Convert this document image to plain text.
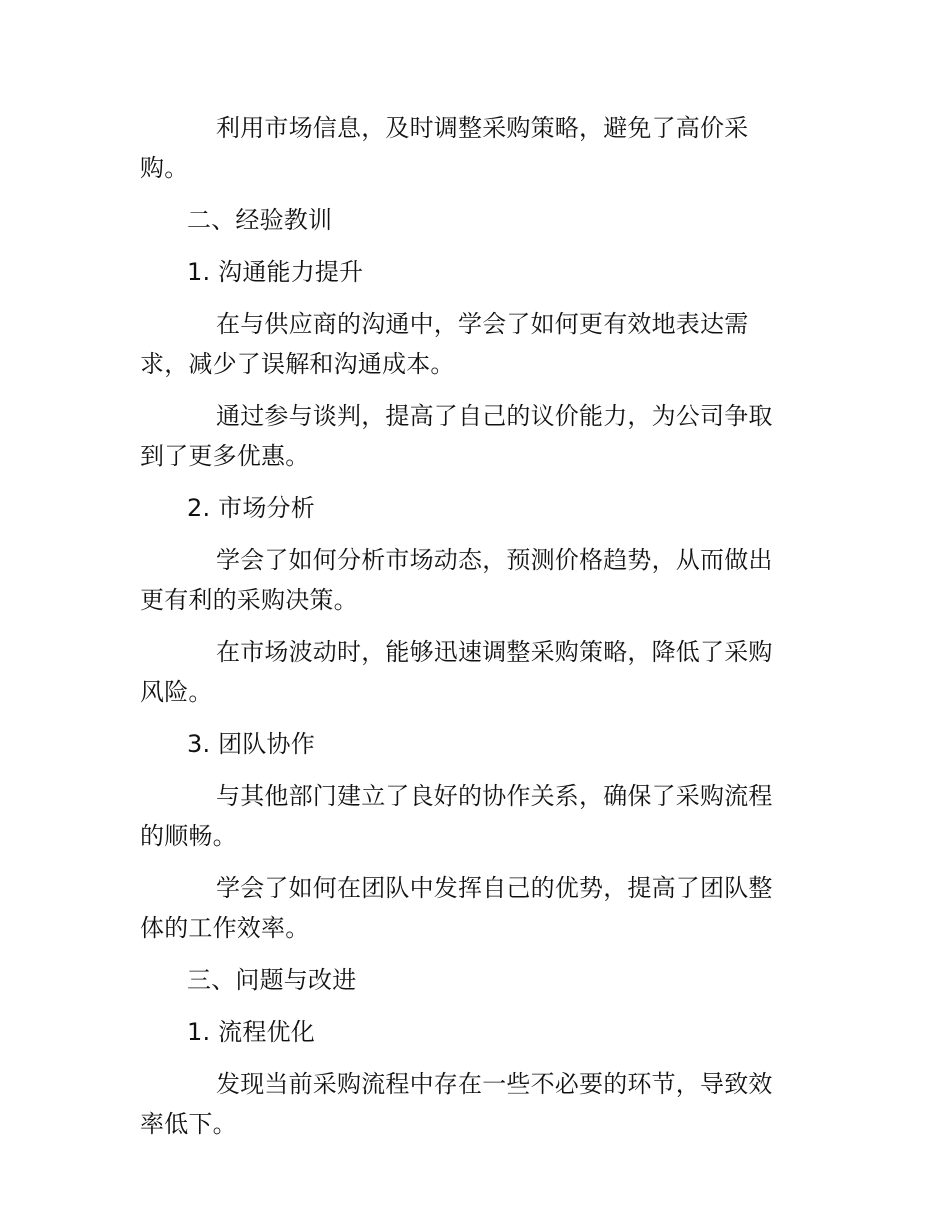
利用市场信息，及时调整采购策略，避免了高价采购。

二、经验教训
1. 沟通能力提升

在与供应商的沟通中，学会了如何更有效地表达需求，减少了误解和沟通成本。

通过参与谈判，提高了自己的议价能力，为公司争取到了更多优惠。

2. 市场分析

学会了如何分析市场动态，预测价格趋势，从而做出更有利的采购决策。

在市场波动时，能够迅速调整采购策略，降低了采购风险。

3. 团队协作

与其他部门建立了良好的协作关系，确保了采购流程的顺畅。

学会了如何在团队中发挥自己的优势，提高了团队整体的工作效率。

三、问题与改进
1. 流程优化

发现当前采购流程中存在一些不必要的环节，导致效率低下。
